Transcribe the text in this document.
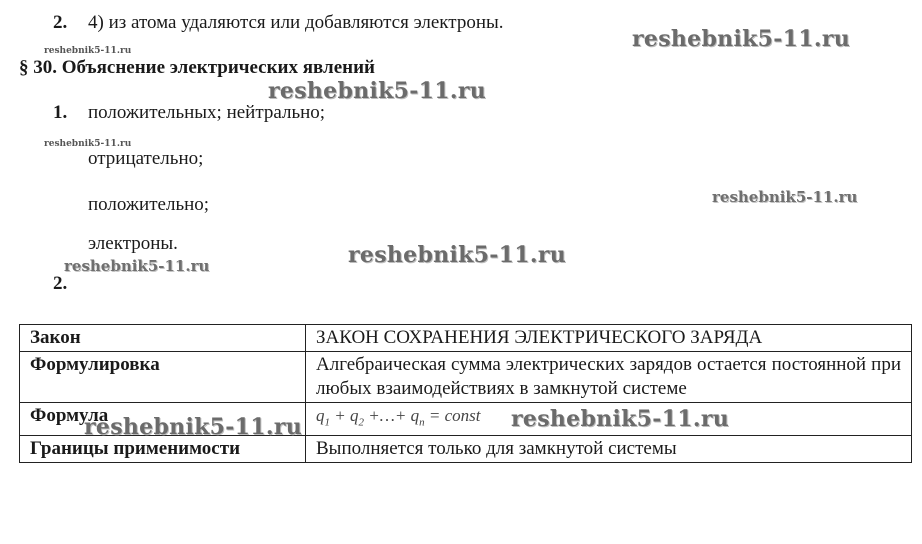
2. 4) из атома удаляются или добавляются электроны.
§ 30. Объяснение электрических явлений
1. положительных; нейтрально;
отрицательно;
положительно;
электроны.
2.
Закон	ЗАКОН СОХРАНЕНИЯ ЭЛЕКТРИЧЕСКОГО ЗАРЯДА
Формулировка	Алгебраическая сумма электрических зарядов остается постоянной при любых взаимодействиях в замкнутой системе
Формула	$q_1 + q_2$ +…+ $q_n$ = const
Границы применимости	Выполняется только для замкнутой системы
reshebnik5-11.ru
reshebnik5-11.ru
reshebnik5-11.ru
reshebnik5-11.ru	reshebnik5-11.ru
reshebnik5-11.ru
reshebnik5-11.ru
reshebnik5-11.ru
reshebnik5-11.ru
